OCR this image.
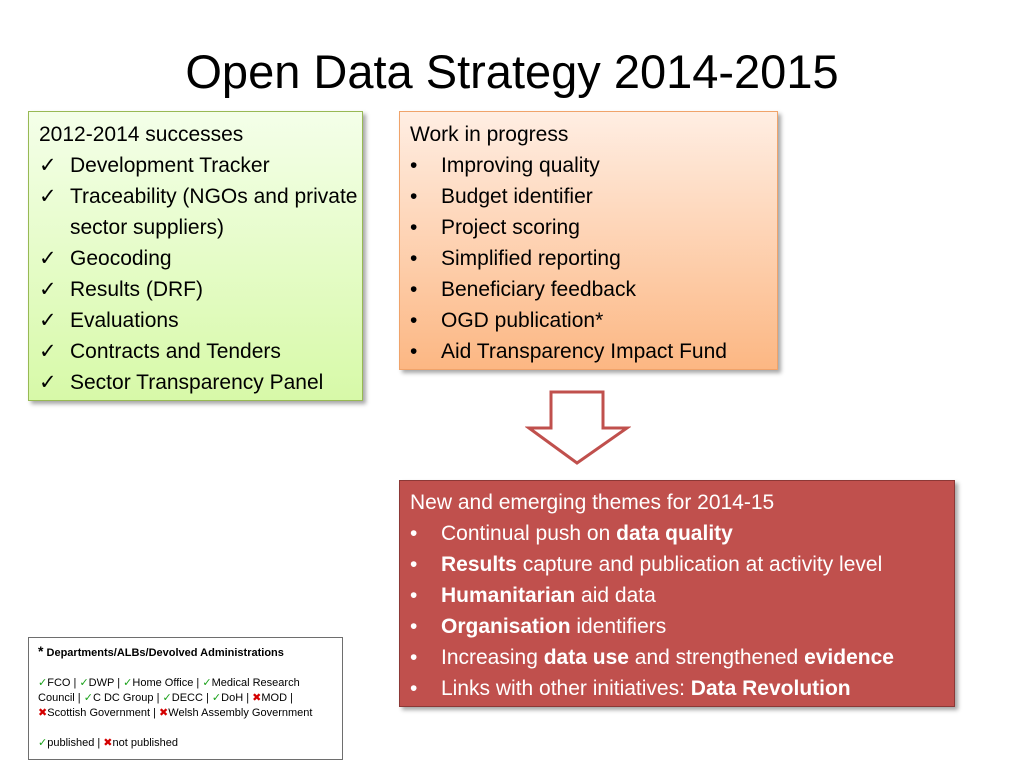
Open Data Strategy 2014-2015
2012-2014 successes
✓ Development Tracker
✓ Traceability (NGOs and private sector suppliers)
✓ Geocoding
✓ Results (DRF)
✓ Evaluations
✓ Contracts and Tenders
✓ Sector Transparency Panel
Work in progress
•	Improving quality
•	Budget identifier
•	Project scoring
•	Simplified reporting
•	Beneficiary feedback
•	OGD publication*
•	Aid Transparency Impact Fund
New and emerging themes for 2014-15
•	Continual push on data quality
•	Results capture and publication at activity level
•	Humanitarian aid data
•	Organisation identifiers
•	Increasing data use and strengthened evidence
•	Links with other initiatives: Data Revolution

* Departments/ALBs/Devolved Administrations

✓FCO | ✓DWP | ✓Home Office | ✓Medical Research Council | ✓C DC Group | ✓DECC | ✓DoH | ✖MOD | ✖Scottish Government | ✖Welsh Assembly Government

✓published | ✖not published
